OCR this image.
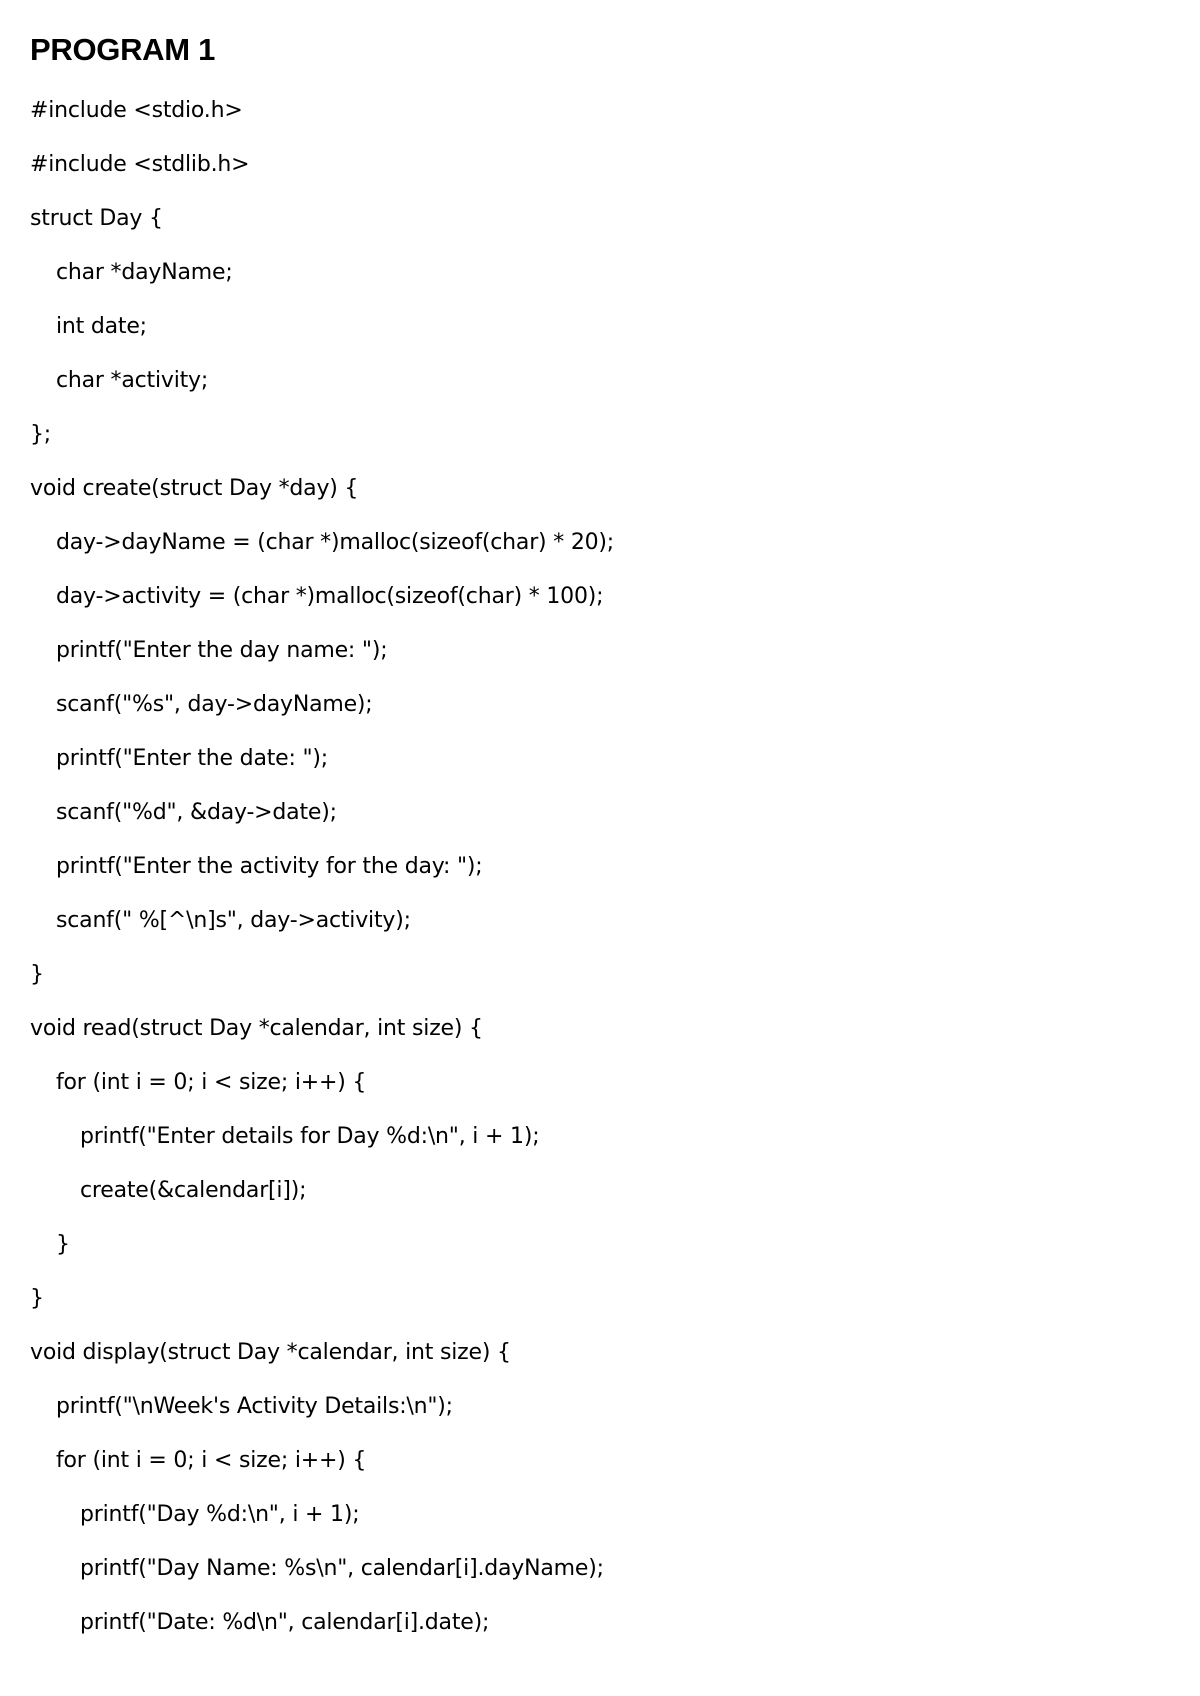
PROGRAM 1
#include <stdio.h>
#include <stdlib.h>
struct Day {
char *dayName;
int date;
char *activity;
};
void create(struct Day *day) {
day->dayName = (char *)malloc(sizeof(char) * 20);
day->activity = (char *)malloc(sizeof(char) * 100);
printf("Enter the day name: ");
scanf("%s", day->dayName);
printf("Enter the date: ");
scanf("%d", &day->date);
printf("Enter the activity for the day: ");
scanf(" %[^\n]s", day->activity);
}
void read(struct Day *calendar, int size) {
for (int i = 0; i < size; i++) {
printf("Enter details for Day %d:\n", i + 1);
create(&calendar[i]);
}
}
void display(struct Day *calendar, int size) {
printf("\nWeek's Activity Details:\n");
for (int i = 0; i < size; i++) {
printf("Day %d:\n", i + 1);
printf("Day Name: %s\n", calendar[i].dayName);
printf("Date: %d\n", calendar[i].date);
